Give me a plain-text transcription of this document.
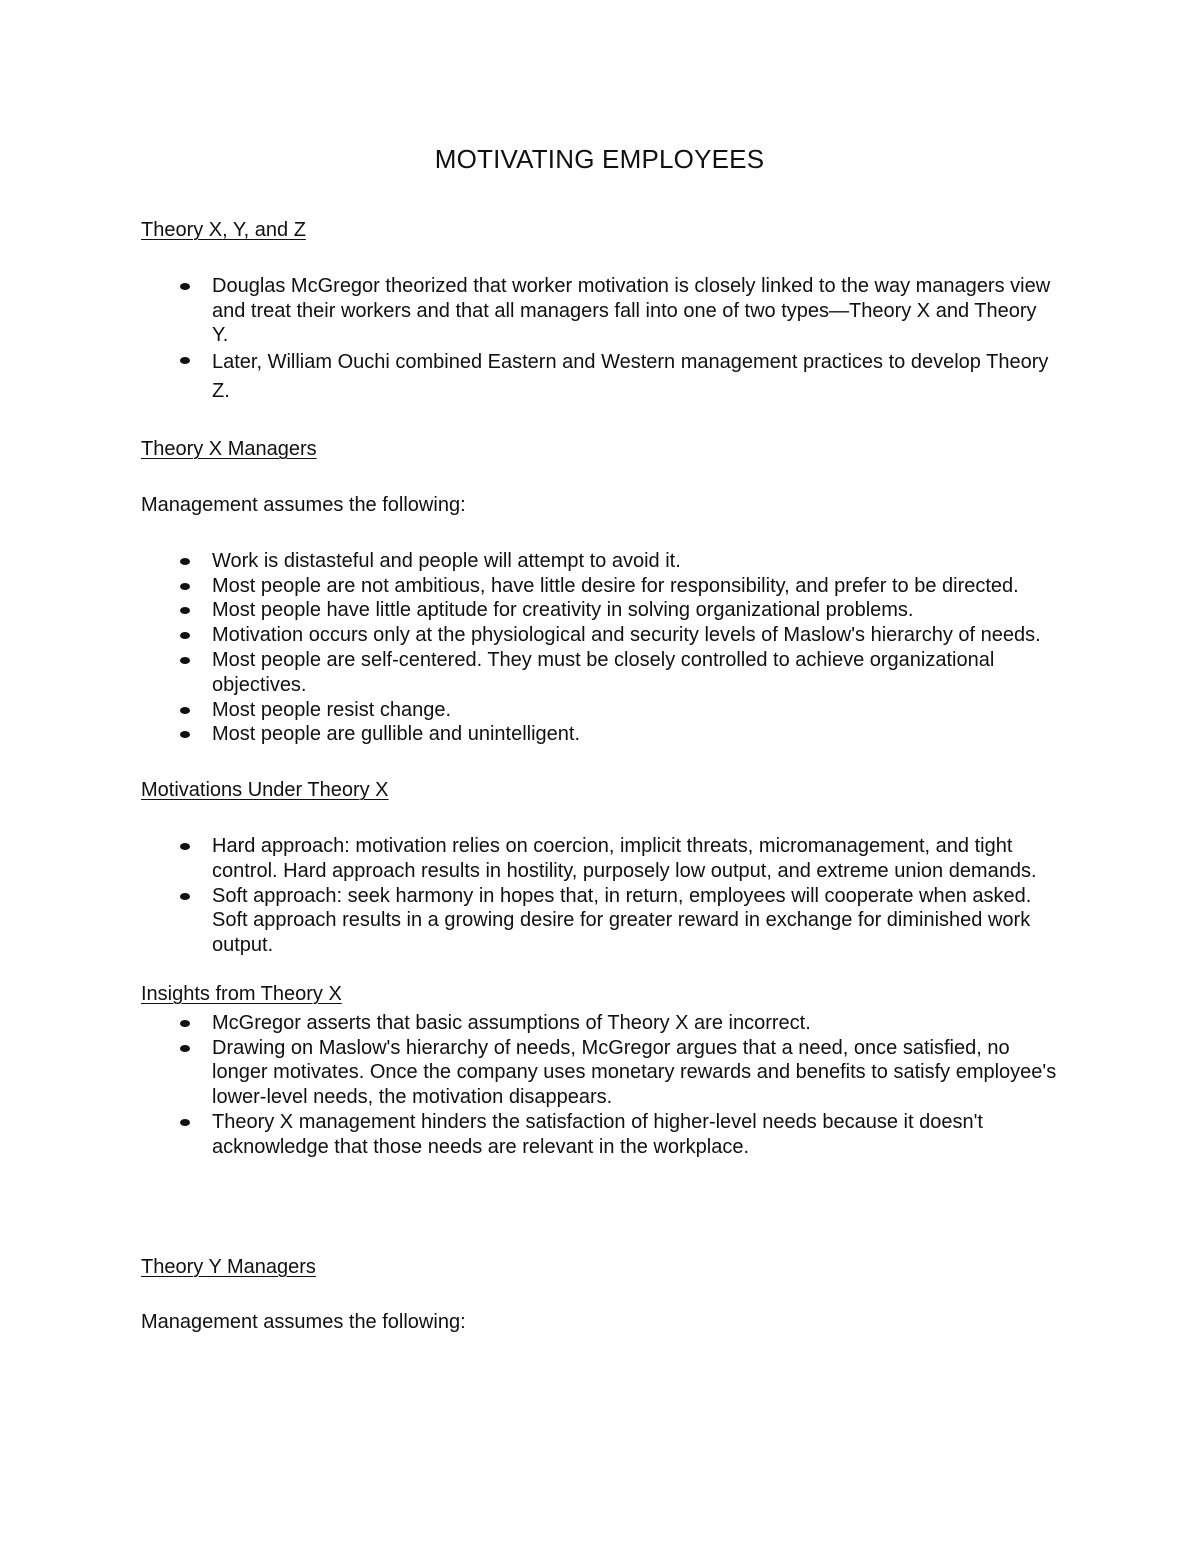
MOTIVATING EMPLOYEES

Theory X, Y, and Z

Douglas McGregor theorized that worker motivation is closely linked to the way managers view and treat their workers and that all managers fall into one of two types—Theory X and Theory Y.
Later, William Ouchi combined Eastern and Western management practices to develop Theory Z.

Theory X Managers

Management assumes the following:

Work is distasteful and people will attempt to avoid it.
Most people are not ambitious, have little desire for responsibility, and prefer to be directed.
Most people have little aptitude for creativity in solving organizational problems.
Motivation occurs only at the physiological and security levels of Maslow's hierarchy of needs.
Most people are self-centered. They must be closely controlled to achieve organizational objectives.
Most people resist change.
Most people are gullible and unintelligent.

Motivations Under Theory X

Hard approach: motivation relies on coercion, implicit threats, micromanagement, and tight control. Hard approach results in hostility, purposely low output, and extreme union demands.
Soft approach: seek harmony in hopes that, in return, employees will cooperate when asked. Soft approach results in a growing desire for greater reward in exchange for diminished work output.

Insights from Theory X

McGregor asserts that basic assumptions of Theory X are incorrect.
Drawing on Maslow's hierarchy of needs, McGregor argues that a need, once satisfied, no longer motivates. Once the company uses monetary rewards and benefits to satisfy employee's lower-level needs, the motivation disappears.
Theory X management hinders the satisfaction of higher-level needs because it doesn't acknowledge that those needs are relevant in the workplace.

Theory Y Managers

Management assumes the following:
